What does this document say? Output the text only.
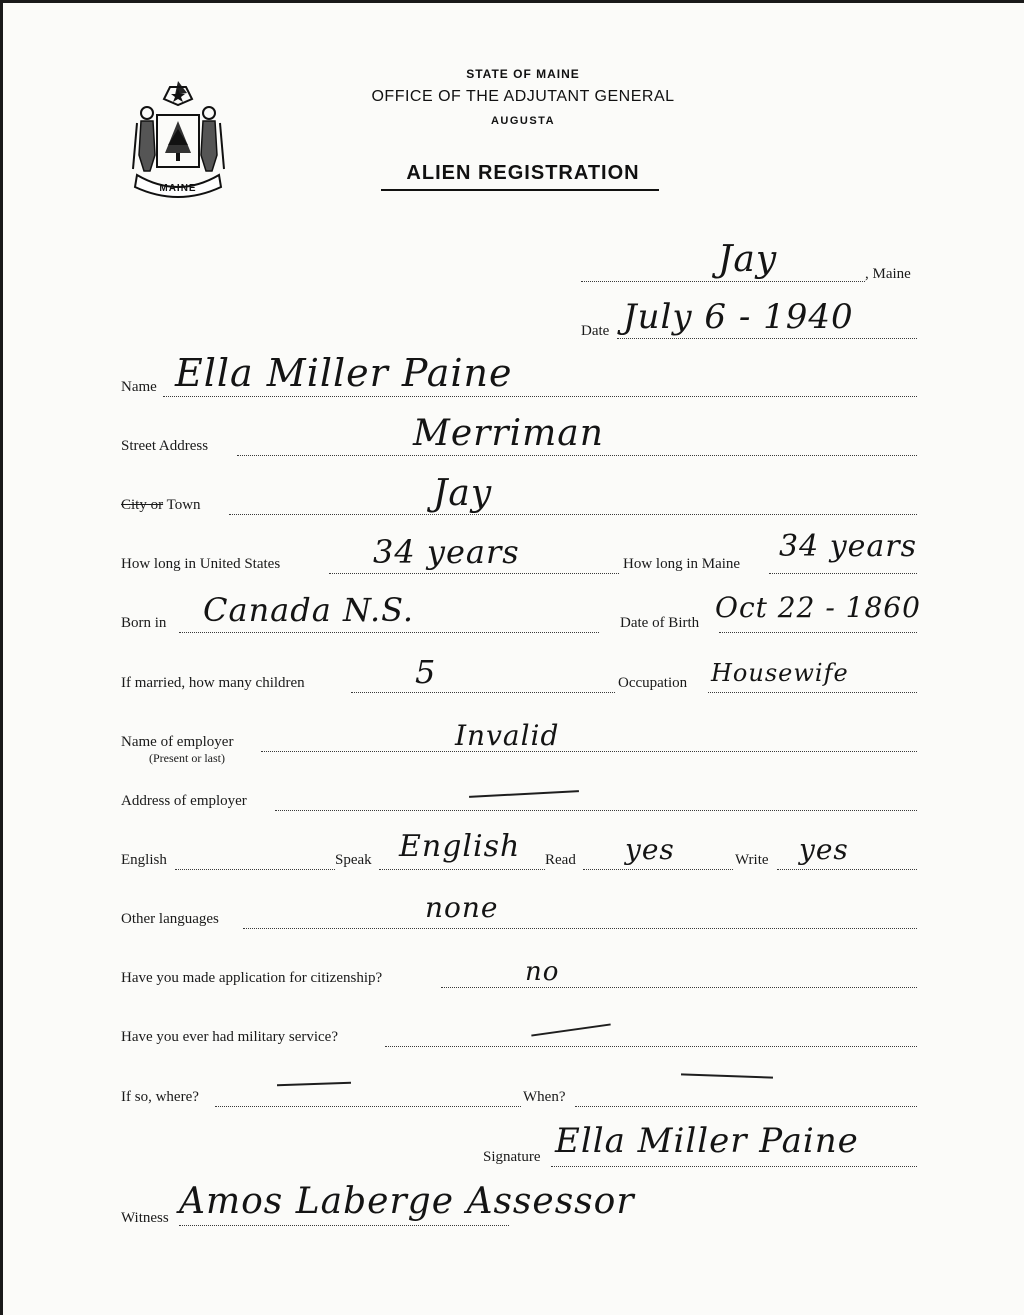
MAINE
STATE OF MAINE
OFFICE OF THE ADJUTANT GENERAL
AUGUSTA
ALIEN REGISTRATION
Jay	, Maine
Date July 6 - 1940
Name Ella Miller Paine
Street Address	Merriman
City or Town	Jay
How long in United States	34 years	How long in Maine 34 years
Born in Canada N.S.	Date of Birth Oct 22 - 1860
If married, how many children	5	Occupation Housewife
Name of employer
(Present or last)
Invalid
Address of employer
English	Speak English Read yes	Write yes
Other languages	none
Have you made application for citizenship?	no
Have you ever had military service?
If so, where?	When?
Signature Ella Miller Paine
Witness Amos Laberge Assessor
